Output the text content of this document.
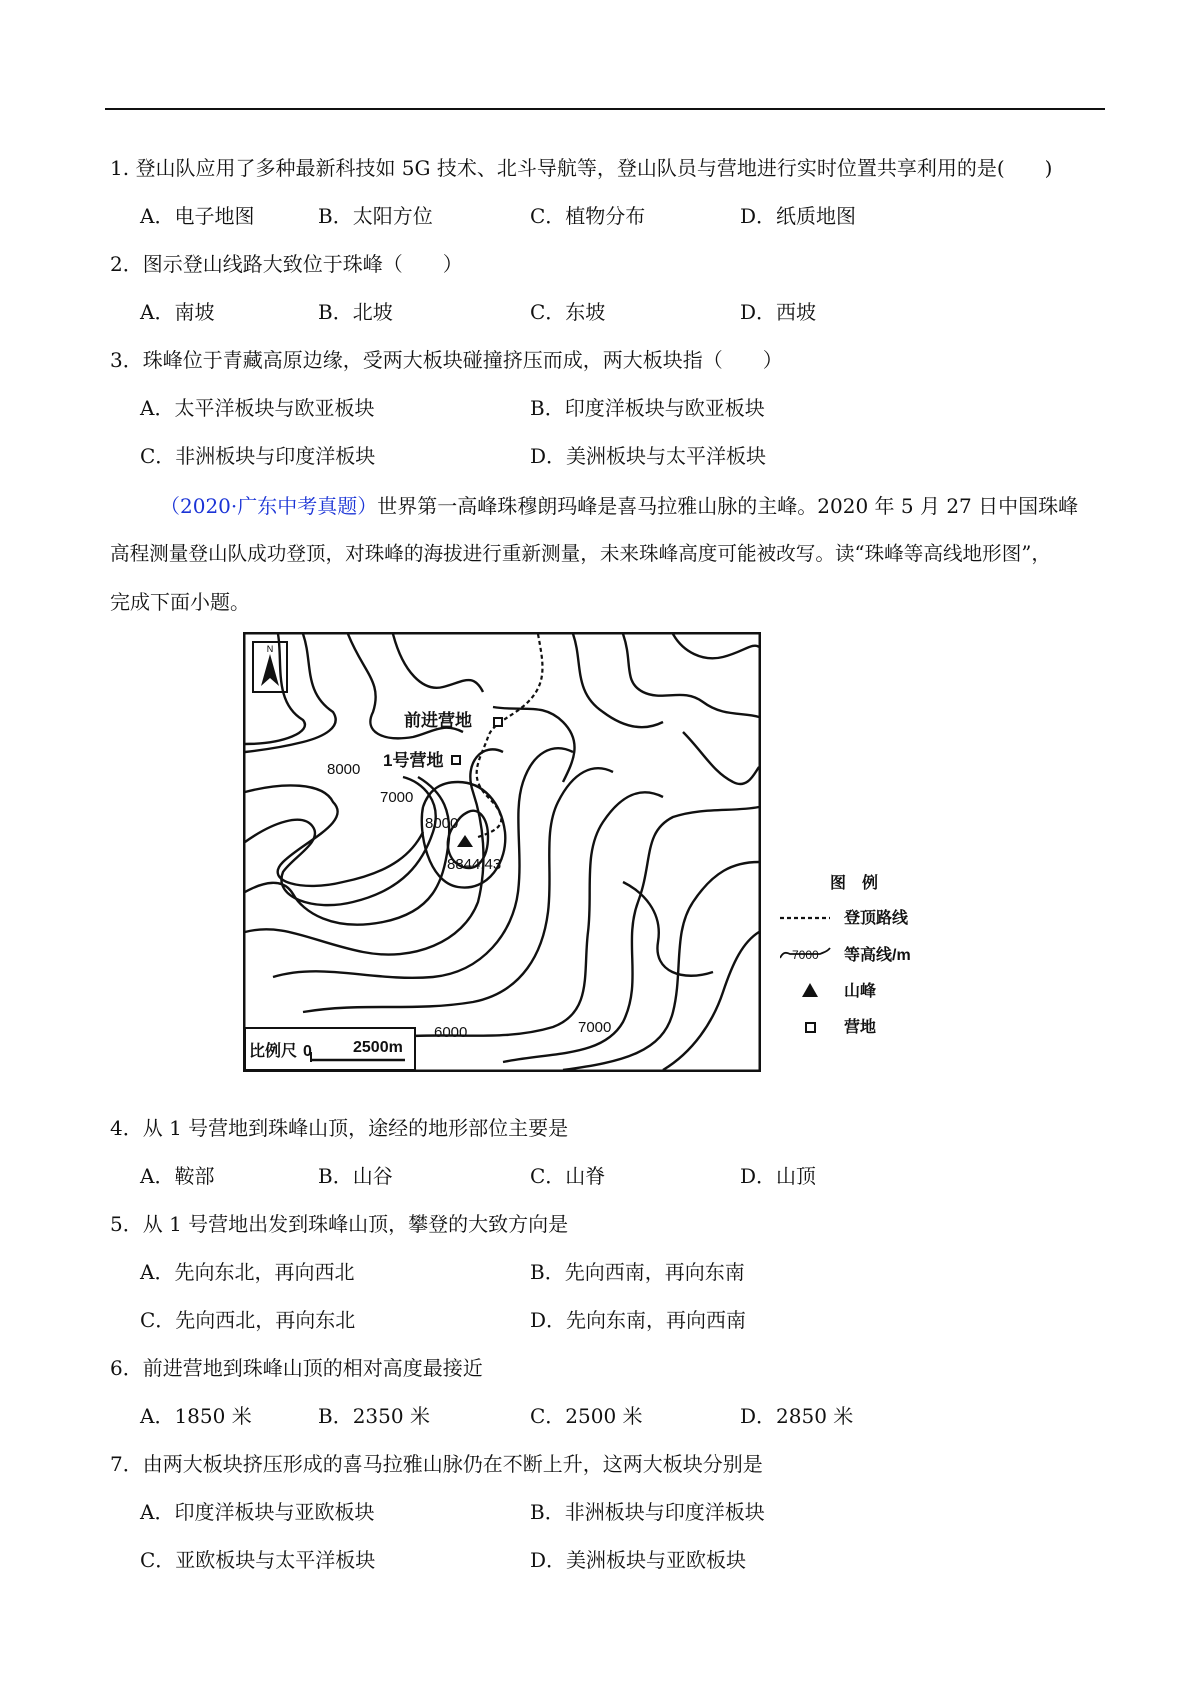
1. 登山队应用了多种最新科技如 5G 技术、北斗导航等，登山队员与营地进行实时位置共享利用的是(　　)
A．电子地图	B．太阳方位	C．植物分布	D．纸质地图
2．图示登山线路大致位于珠峰（　　）
A．南坡	B．北坡	C．东坡	D．西坡
3．珠峰位于青藏高原边缘，受两大板块碰撞挤压而成，两大板块指（　　）
A．太平洋板块与欧亚板块	B．印度洋板块与欧亚板块
C．非洲板块与印度洋板块	D．美洲板块与太平洋板块
（2020·广东中考真题）世界第一高峰珠穆朗玛峰是喜马拉雅山脉的主峰。2020 年 5 月 27 日中国珠峰
高程测量登山队成功登顶，对珠峰的海拔进行重新测量，未来珠峰高度可能被改写。读“珠峰等高线地形图”，
完成下面小题。
N
前进营地
1号营地
8000
7000
8000
8844.43
6000	7000
比例尺 0	2500m
图　例
登顶路线
等高线/m
山峰
营地
7000
4．从 1 号营地到珠峰山顶，途经的地形部位主要是
A．鞍部	B．山谷	C．山脊	D．山顶
5．从 1 号营地出发到珠峰山顶，攀登的大致方向是
A．先向东北，再向西北	B．先向西南，再向东南
C．先向西北，再向东北	D．先向东南，再向西南
6．前进营地到珠峰山顶的相对高度最接近
A．1850 米	B．2350 米	C．2500 米	D．2850 米
7．由两大板块挤压形成的喜马拉雅山脉仍在不断上升，这两大板块分别是
A．印度洋板块与亚欧板块	B．非洲板块与印度洋板块
C．亚欧板块与太平洋板块	D．美洲板块与亚欧板块
